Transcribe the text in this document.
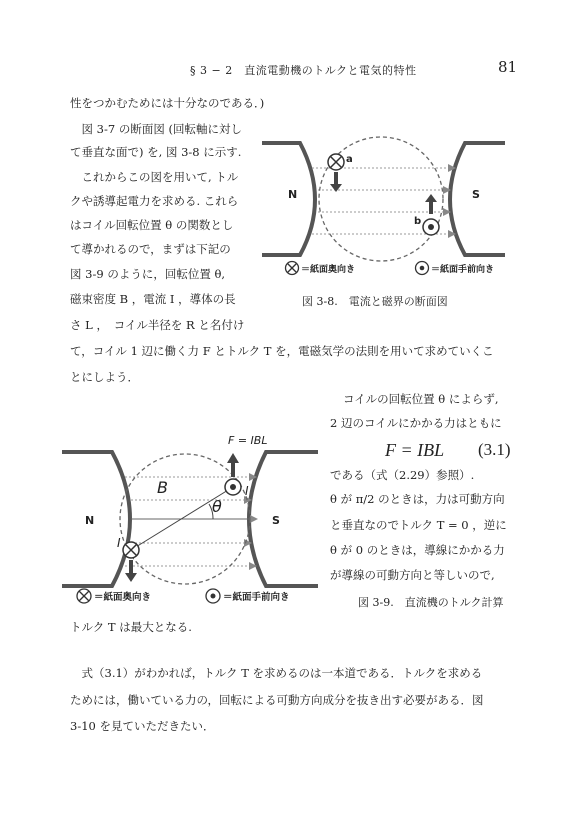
§ 3 − 2　直流電動機のトルクと電気的特性	81
性をつかむためには十分なのである．)
　図 3-7 の断面図 (回転軸に対し
て垂直な面で) を, 図 3-8 に示す.
　これからこの図を用いて, トル
クや誘導起電力を求める. これら
はコイル回転位置 θ の関数とし
て導かれるので，まずは下記の
図 3-9 のように，回転位置 θ,
磁束密度 B ，電流 I ，導体の長
さ L ，　コイル半径を R と名付け
て，コイル 1 辺に働く力 F とトルク T を，電磁気学の法則を用いて求めていくこ
とにしよう．
コイルの回転位置 θ によらず,
2 辺のコイルにかかる力はともに
F = IBL (3.1)
である（式（2.29）参照）.
θ が π/2 のときは，力は可動方向
と垂直なのでトルク T = 0 ，逆に
θ が 0 のときは，導線にかかる力
が導線の可動方向と等しいので,
トルク T は最大となる.
　式（3.1）がわかれば，トルク T を求めるのは一本道である．トルクを求める
ためには，働いている力の，回転による可動方向成分を抜き出す必要がある．図
3-10 を見ていただきたい．
a
b
N	S
＝紙面奥向き	＝紙面手前向き
図 3-8.　電流と磁界の断面図
F = IBL
B
θ
I
I
N	S
＝紙面奥向き	＝紙面手前向き	図 3-9.　直流機のトルク計算
